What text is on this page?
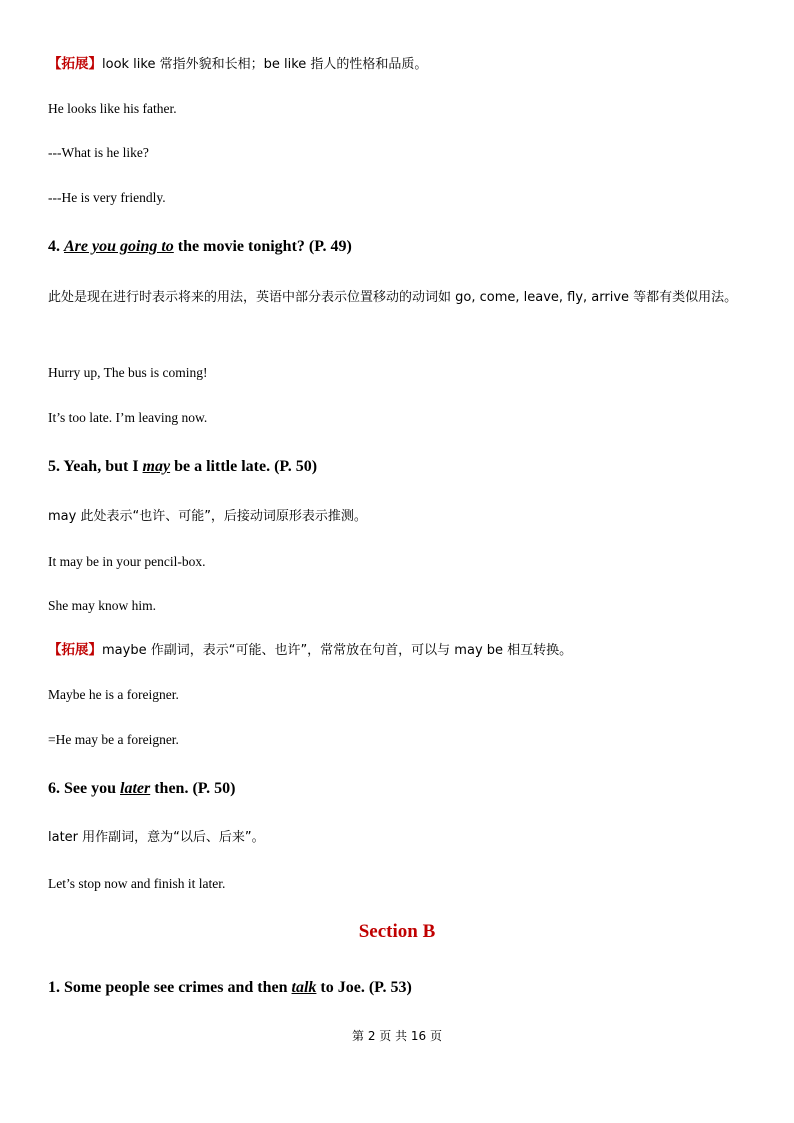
【拓展】look like 常指外貌和长相；be like 指人的性格和品质。
He looks like his father.
---What is he like?
---He is very friendly.
4. Are you going to the movie tonight? (P. 49)
此处是现在进行时表示将来的用法，英语中部分表示位置移动的动词如 go, come, leave, fly, arrive 等都有类似用法。
Hurry up, The bus is coming!
It’s too late. I’m leaving now.
5. Yeah, but I may be a little late. (P. 50)
may 此处表示“也许、可能”，后接动词原形表示推测。
It may be in your pencil-box.
She may know him.
【拓展】maybe 作副词，表示“可能、也许”，常常放在句首，可以与 may be 相互转换。
Maybe he is a foreigner.
=He may be a foreigner.
6. See you later then. (P. 50)
later 用作副词，意为“以后、后来”。
Let’s stop now and finish it later.
Section B
1. Some people see crimes and then talk to Joe. (P. 53)
第 2 页 共 16 页
